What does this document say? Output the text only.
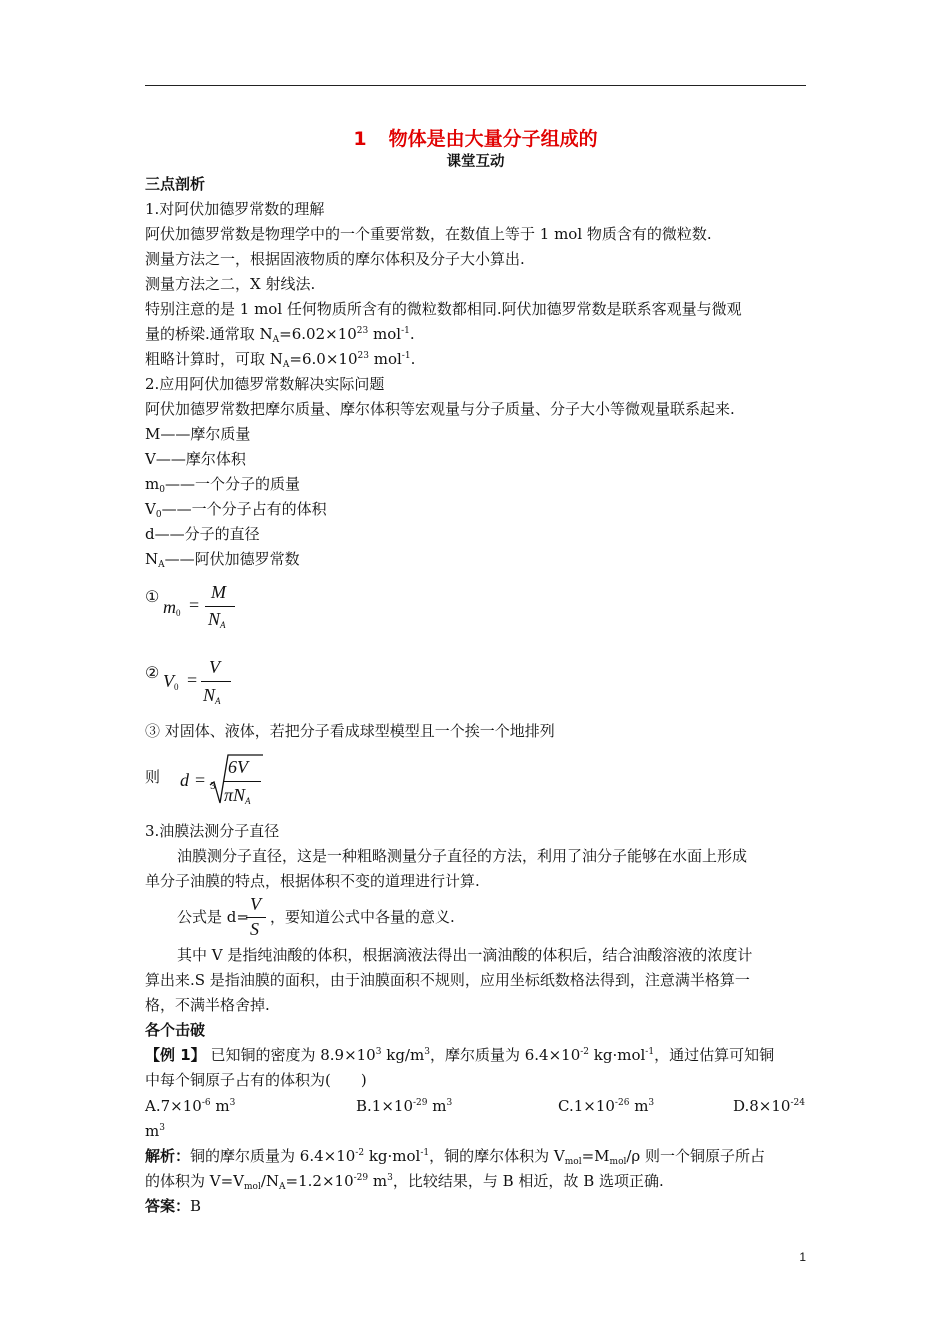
1 物体是由大量分子组成的
课堂互动
三点剖析
1.对阿伏加德罗常数的理解
阿伏加德罗常数是物理学中的一个重要常数，在数值上等于 1 mol 物质含有的微粒数.
测量方法之一，根据固液物质的摩尔体积及分子大小算出.
测量方法之二，X 射线法.
特别注意的是 1 mol 任何物质所含有的微粒数都相同.阿伏加德罗常数是联系客观量与微观
量的桥梁.通常取 $N_A=6.02\times 10^{23}$ mol$^{-1}$.
粗略计算时，可取 $N_A=6.0\times 10^{23}$ mol$^{-1}$.
2.应用阿伏加德罗常数解决实际问题
阿伏加德罗常数把摩尔质量、摩尔体积等宏观量与分子质量、分子大小等微观量联系起来.
M——摩尔质量
V——摩尔体积
$m_0——$一个分子的质量
$V_0——$一个分子占有的体积
d——分子的直径
$N_A——$阿伏加德罗常数
①
$m_0$ =
M
$N_A$
② $V_0$ =
V
$N_A$
③ 对固体、液体，若把分子看成球型模型且一个挨一个地排列
则 d = 3
6V
$\pi N_A$
3.油膜法测分子直径
油膜测分子直径，这是一种粗略测量分子直径的方法，利用了油分子能够在水面上形成
单分子油膜的特点，根据体积不变的道理进行计算.
公式是 d=
V
S
，要知道公式中各量的意义.
其中 V 是指纯油酸的体积，根据滴液法得出一滴油酸的体积后，结合油酸溶液的浓度计
算出来.S 是指油膜的面积，由于油膜面积不规则，应用坐标纸数格法得到，注意满半格算一
格，不满半格舍掉.
各个击破
【例 1】 已知铜的密度为 $8.9\times 10^3$ $kg/m^3$，摩尔质量为 $6.4\times 10^{-2}$ kg·mol$^{-1}$，通过估算可知铜
中每个铜原子占有的体积为(　　)
$A.7\times 10^{-6}$ $m^3$	$B.1\times 10^{-29}$ $m^3$	$C.1\times 10^{-26}$ $m^3$	$D.8\times 10^{-24}$
$m^3$
解析：铜的摩尔质量为 $6.4\times 10^{-2}$ kg·mol$^{-1}$，铜的摩尔体积为 $V_{mol}=M_{mol}/\rho$ 则一个铜原子所占
的体积为 $V=V_{mol}/N_A=1.2\times 10^{-29}$ $m^3$，比较结果，与 B 相近，故 B 选项正确.
答案：B
1
